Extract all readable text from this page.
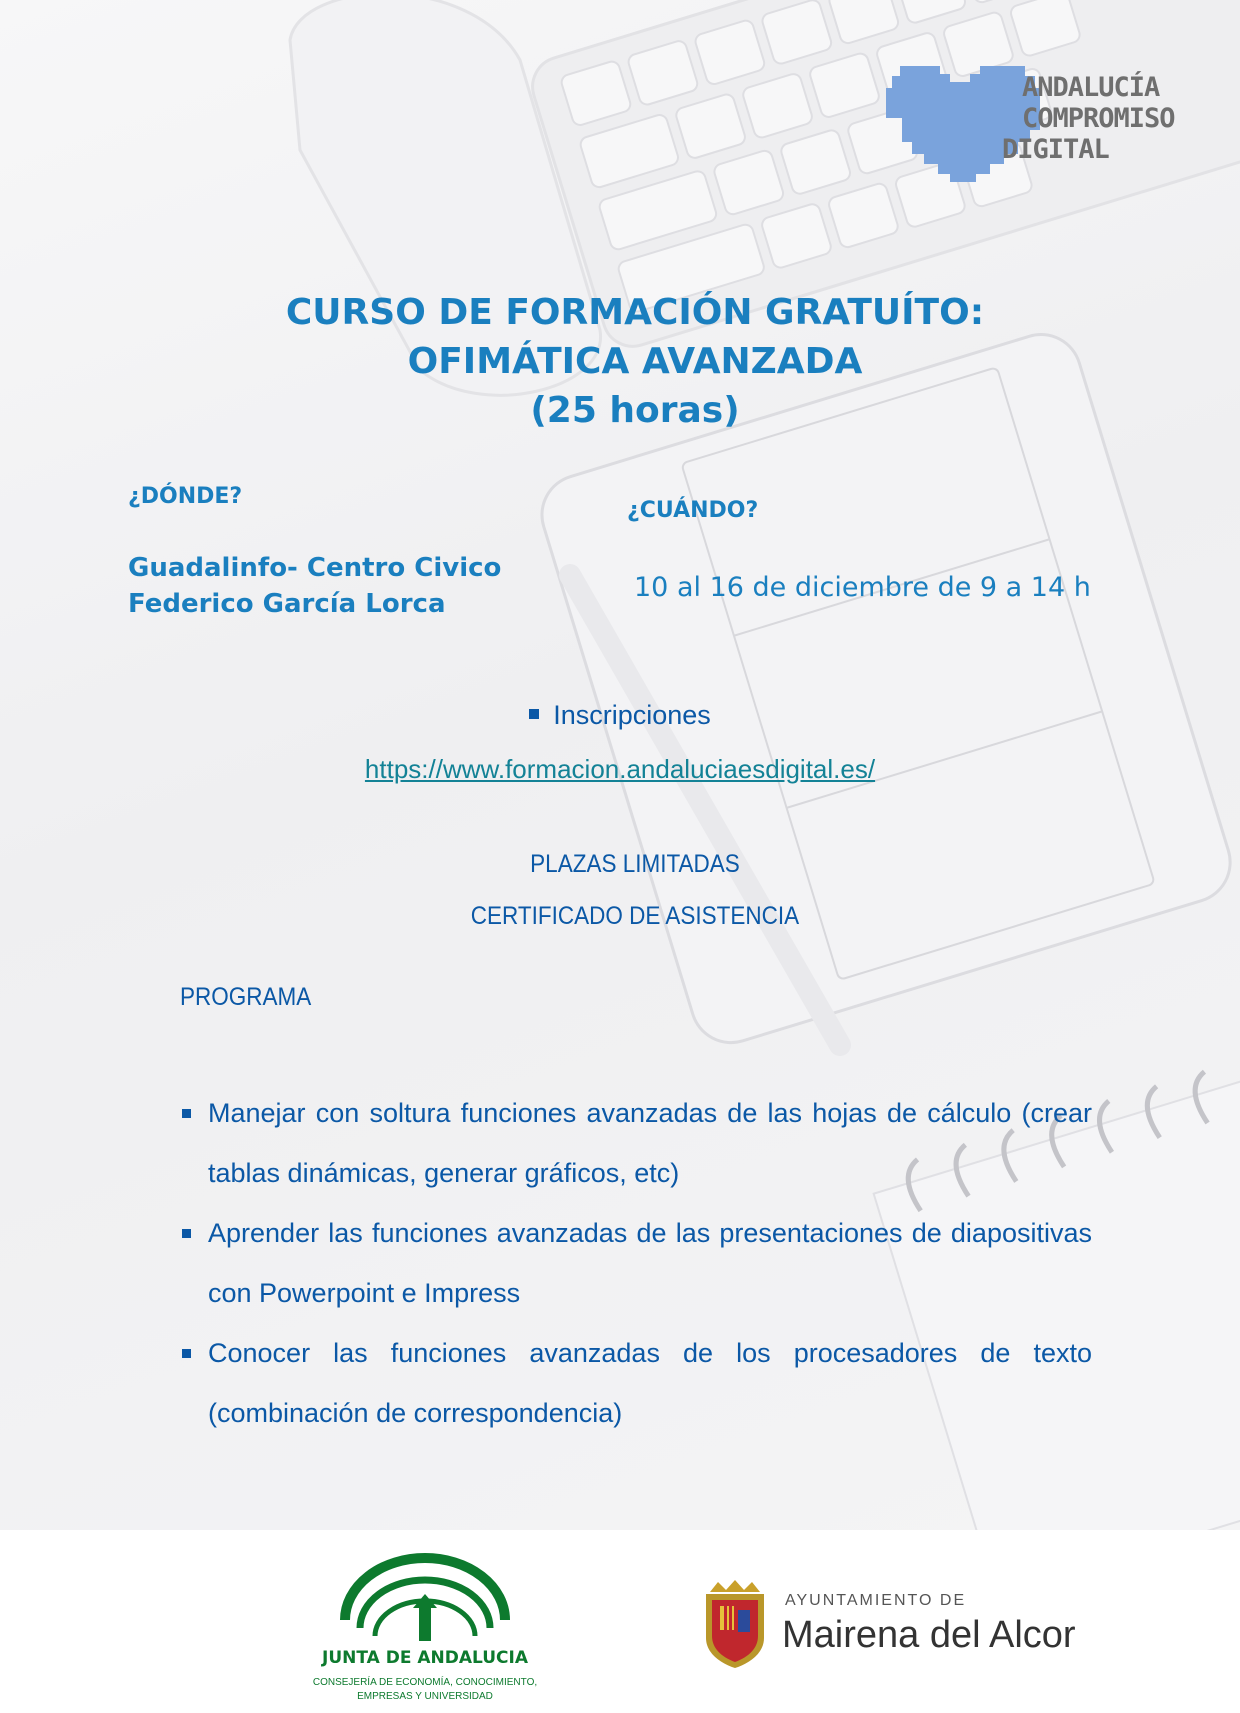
ANDALUCÍA
COMPROMISO
DIGITAL
CURSO DE FORMACIÓN GRATUÍTO:
OFIMÁTICA AVANZADA
(25 horas)
¿DÓNDE?
Guadalinfo- Centro Civico
Federico García Lorca
¿CUÁNDO?
10 al 16 de diciembre de 9 a 14 h
Inscripciones
https://www.formacion.andaluciaesdigital.es/
PLAZAS LIMITADAS
CERTIFICADO DE ASISTENCIA
PROGRAMA
Manejar con soltura funciones avanzadas de las hojas de cálculo (crear tablas dinámicas, generar gráficos, etc)
Aprender las funciones avanzadas de las presentaciones de diapositivas con Powerpoint e Impress
Conocer las funciones avanzadas de los procesadores de texto (combinación de correspondencia)
JUNTA DE ANDALUCIA
CONSEJERÍA DE ECONOMÍA, CONOCIMIENTO,
EMPRESAS Y UNIVERSIDAD
AYUNTAMIENTO DE
Mairena del Alcor
